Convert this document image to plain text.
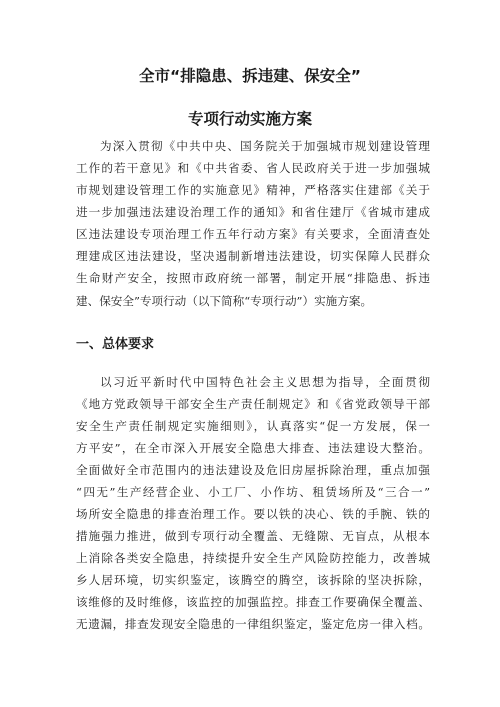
全市“排隐患、拆违建、保安全”
专项行动实施方案
为深入贯彻《中共中央、国务院关于加强城市规划建设管理
工作的若干意见》和《中共省委、省人民政府关于进一步加强城
市规划建设管理工作的实施意见》精神，严格落实住建部《关于
进一步加强违法建设治理工作的通知》和省住建厅《省城市建成
区违法建设专项治理工作五年行动方案》有关要求，全面清查处
理建成区违法建设，坚决遏制新增违法建设，切实保障人民群众
生命财产安全，按照市政府统一部署，制定开展“排隐患、拆违
建、保安全”专项行动（以下简称“专项行动”）实施方案。
一、总体要求
以习近平新时代中国特色社会主义思想为指导，全面贯彻
《地方党政领导干部安全生产责任制规定》和《省党政领导干部
安全生产责任制规定实施细则》，认真落实“促一方发展，保一
方平安”，在全市深入开展安全隐患大排查、违法建设大整治。
全面做好全市范围内的违法建设及危旧房屋拆除治理，重点加强
“四无”生产经营企业、小工厂、小作坊、租赁场所及“三合一”
场所安全隐患的排查治理工作。要以铁的决心、铁的手腕、铁的
措施强力推进，做到专项行动全覆盖、无缝隙、无盲点，从根本
上消除各类安全隐患，持续提升安全生产风险防控能力，改善城
乡人居环境，切实织鉴定，该腾空的腾空，该拆除的坚决拆除，
该维修的及时维修，该监控的加强监控。排查工作要确保全覆盖、
无遗漏，排查发现安全隐患的一律组织鉴定，鉴定危房一律入档。
